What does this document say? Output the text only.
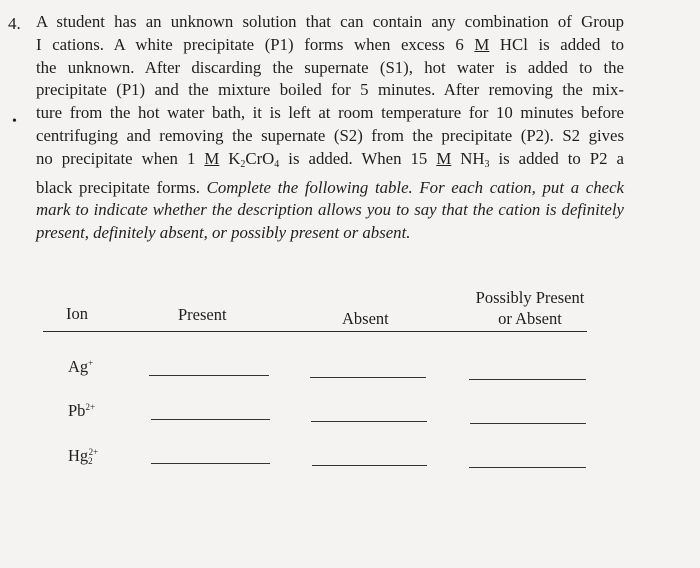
4.
•
A student has an unknown solution that can contain any combination of Group
I cations. A white precipitate (P1) forms when excess 6 M HCl is added to
the unknown. After discarding the supernate (S1), hot water is added to the
precipitate (P1) and the mixture boiled for 5 minutes. After removing the mix-
ture from the hot water bath, it is left at room temperature for 10 minutes before
centrifuging and removing the supernate (S2) from the precipitate (P2). S2 gives
no precipitate when 1 M $K_2CrO_4$ is added. When 15 M $NH_3$ is added to P2 a
black precipitate forms. Complete the following table. For each cation, put a check
mark to indicate whether the description allows you to say that the cation is definitely
present, definitely absent, or possibly present or absent.
Ion	Present	Absent
Possibly Present
or Absent
Ag+
$Pb^{2+}$
$Hg_2^{2+}$
